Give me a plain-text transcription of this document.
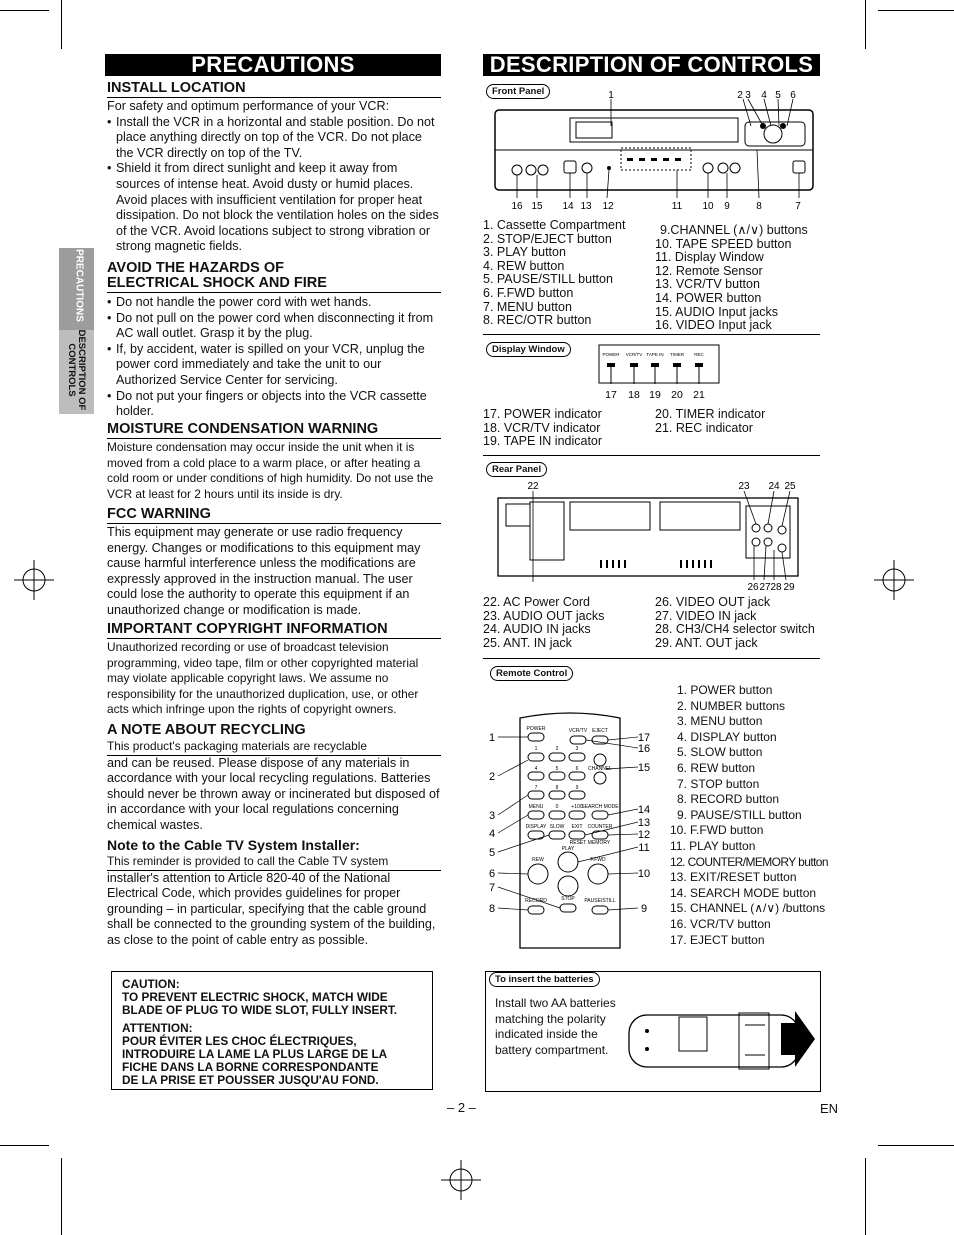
PRECAUTIONS
DESCRIPTION OF CONTROLS
PRECAUTIONS
INSTALL LOCATION
For safety and optimum performance of your VCR:
• Install the VCR in a horizontal and stable position. Do not place anything directly on top of the VCR. Do not place the VCR directly on top of the TV.
• Shield it from direct sunlight and keep it away from sources of intense heat. Avoid dusty or humid places. Avoid places with insufficient ventilation for proper heat dissipation. Do not block the ventilation holes on the sides of the VCR. Avoid locations subject to strong vibration or strong magnetic fields.
AVOID THE HAZARDS OF
ELECTRICAL SHOCK AND FIRE
• Do not handle the power cord with wet hands.
• Do not pull on the power cord when disconnecting it from AC wall outlet. Grasp it by the plug.
• If, by accident, water is spilled on your VCR, unplug the power cord immediately and take the unit to our Authorized Service Center for servicing.
• Do not put your fingers or objects into the VCR cassette holder.
MOISTURE CONDENSATION WARNING
Moisture condensation may occur inside the unit when it is moved from a cold place to a warm place, or after heating a cold room or under conditions of high humidity. Do not use the VCR at least for 2 hours until its inside is dry.
FCC WARNING
This equipment may generate or use radio frequency energy. Changes or modifications to this equipment may cause harmful interference unless the modifications are expressly approved in the instruction manual. The user could lose the authority to operate this equipment if an unauthorized change or modification is made.
IMPORTANT COPYRIGHT INFORMATION
Unauthorized recording or use of broadcast television programming, video tape, film or other copyrighted material may violate applicable copyright laws. We assume no responsibility for the unauthorized duplication, use, or other acts which infringe upon the rights of copyright owners.
A NOTE ABOUT RECYCLING
This product's packaging materials are recyclable
and can be reused. Please dispose of any materials in accordance with your local recycling regulations. Batteries should never be thrown away or incinerated but disposed of in accordance with your local regulations concerning chemical wastes.
Note to the Cable TV System Installer:
This reminder is provided to call the Cable TV system
installer's attention to Article 820-40 of the National Electrical Code, which provides guidelines for proper grounding – in particular, specifying that the cable ground shall be connected to the grounding system of the building, as close to the point of cable entry as possible.
CAUTION:
TO PREVENT ELECTRIC SHOCK, MATCH WIDE
BLADE OF PLUG TO WIDE SLOT, FULLY INSERT.
ATTENTION:
POUR ÉVITER LES CHOC ÉLECTRIQUES,
INTRODUIRE LA LAME LA PLUS LARGE DE LA
FICHE DANS LA BORNE CORRESPONDANTE
DE LA PRISE ET POUSSER JUSQU'AU FOND.
DESCRIPTION OF CONTROLS
Front Panel	1	2 3 4 5 6
16 15 14 13 12	11 10 9	8	7
1. Cassette Compartment
2. STOP/EJECT button
3. PLAY button
4. REW button
5. PAUSE/STILL button
6. F.FWD button
7. MENU button
8. REC/OTR button
9.CHANNEL (∧/∨) buttons
10. TAPE SPEED button
11. Display Window
12. Remote Sensor
13. VCR/TV button
14. POWER button
15. AUDIO Input jacks
16. VIDEO Input jack
Display Window	POWER VCR/TV TAPE IN TIMER REC
17 18 19 20 21
17. POWER indicator
18. VCR/TV indicator
19. TAPE IN indicator
20. TIMER indicator
21. REC indicator
Rear Panel
22	23 24 25
26 27 28 29
22. AC Power Cord
23. AUDIO OUT jacks
24. AUDIO IN jacks
25. ANT. IN jack
26. VIDEO OUT jack
27. VIDEO IN jack
28. CH3/CH4 selector switch
29. ANT. OUT jack
Remote Control
POWER	VCR/TV EJECT
MENU	+100
SEARCH MODE
DISPLAY SLOW EXIT COUNTER
RESET MEMORY
PLAY
REW	F.FWD
RECORD	STOP PAUSE/STILL
CHANNEL
1	2	3
4	5	6
7	8	9
0
1
2
3
4
5
6
7
8
17
16
15
14
13
12
11
10
9
1. POWER button
2. NUMBER buttons
3. MENU button
4. DISPLAY button
5. SLOW button
6. REW button
7. STOP button
8. RECORD button
9. PAUSE/STILL button
10. F.FWD button
11. PLAY button
12. COUNTER/MEMORY button
13. EXIT/RESET button
14. SEARCH MODE button
15. CHANNEL (∧/∨) /buttons
16. VCR/TV button
17. EJECT button
To insert the batteries
Install two AA batteries matching the polarity indicated inside the battery compartment.
– 2 –	EN
